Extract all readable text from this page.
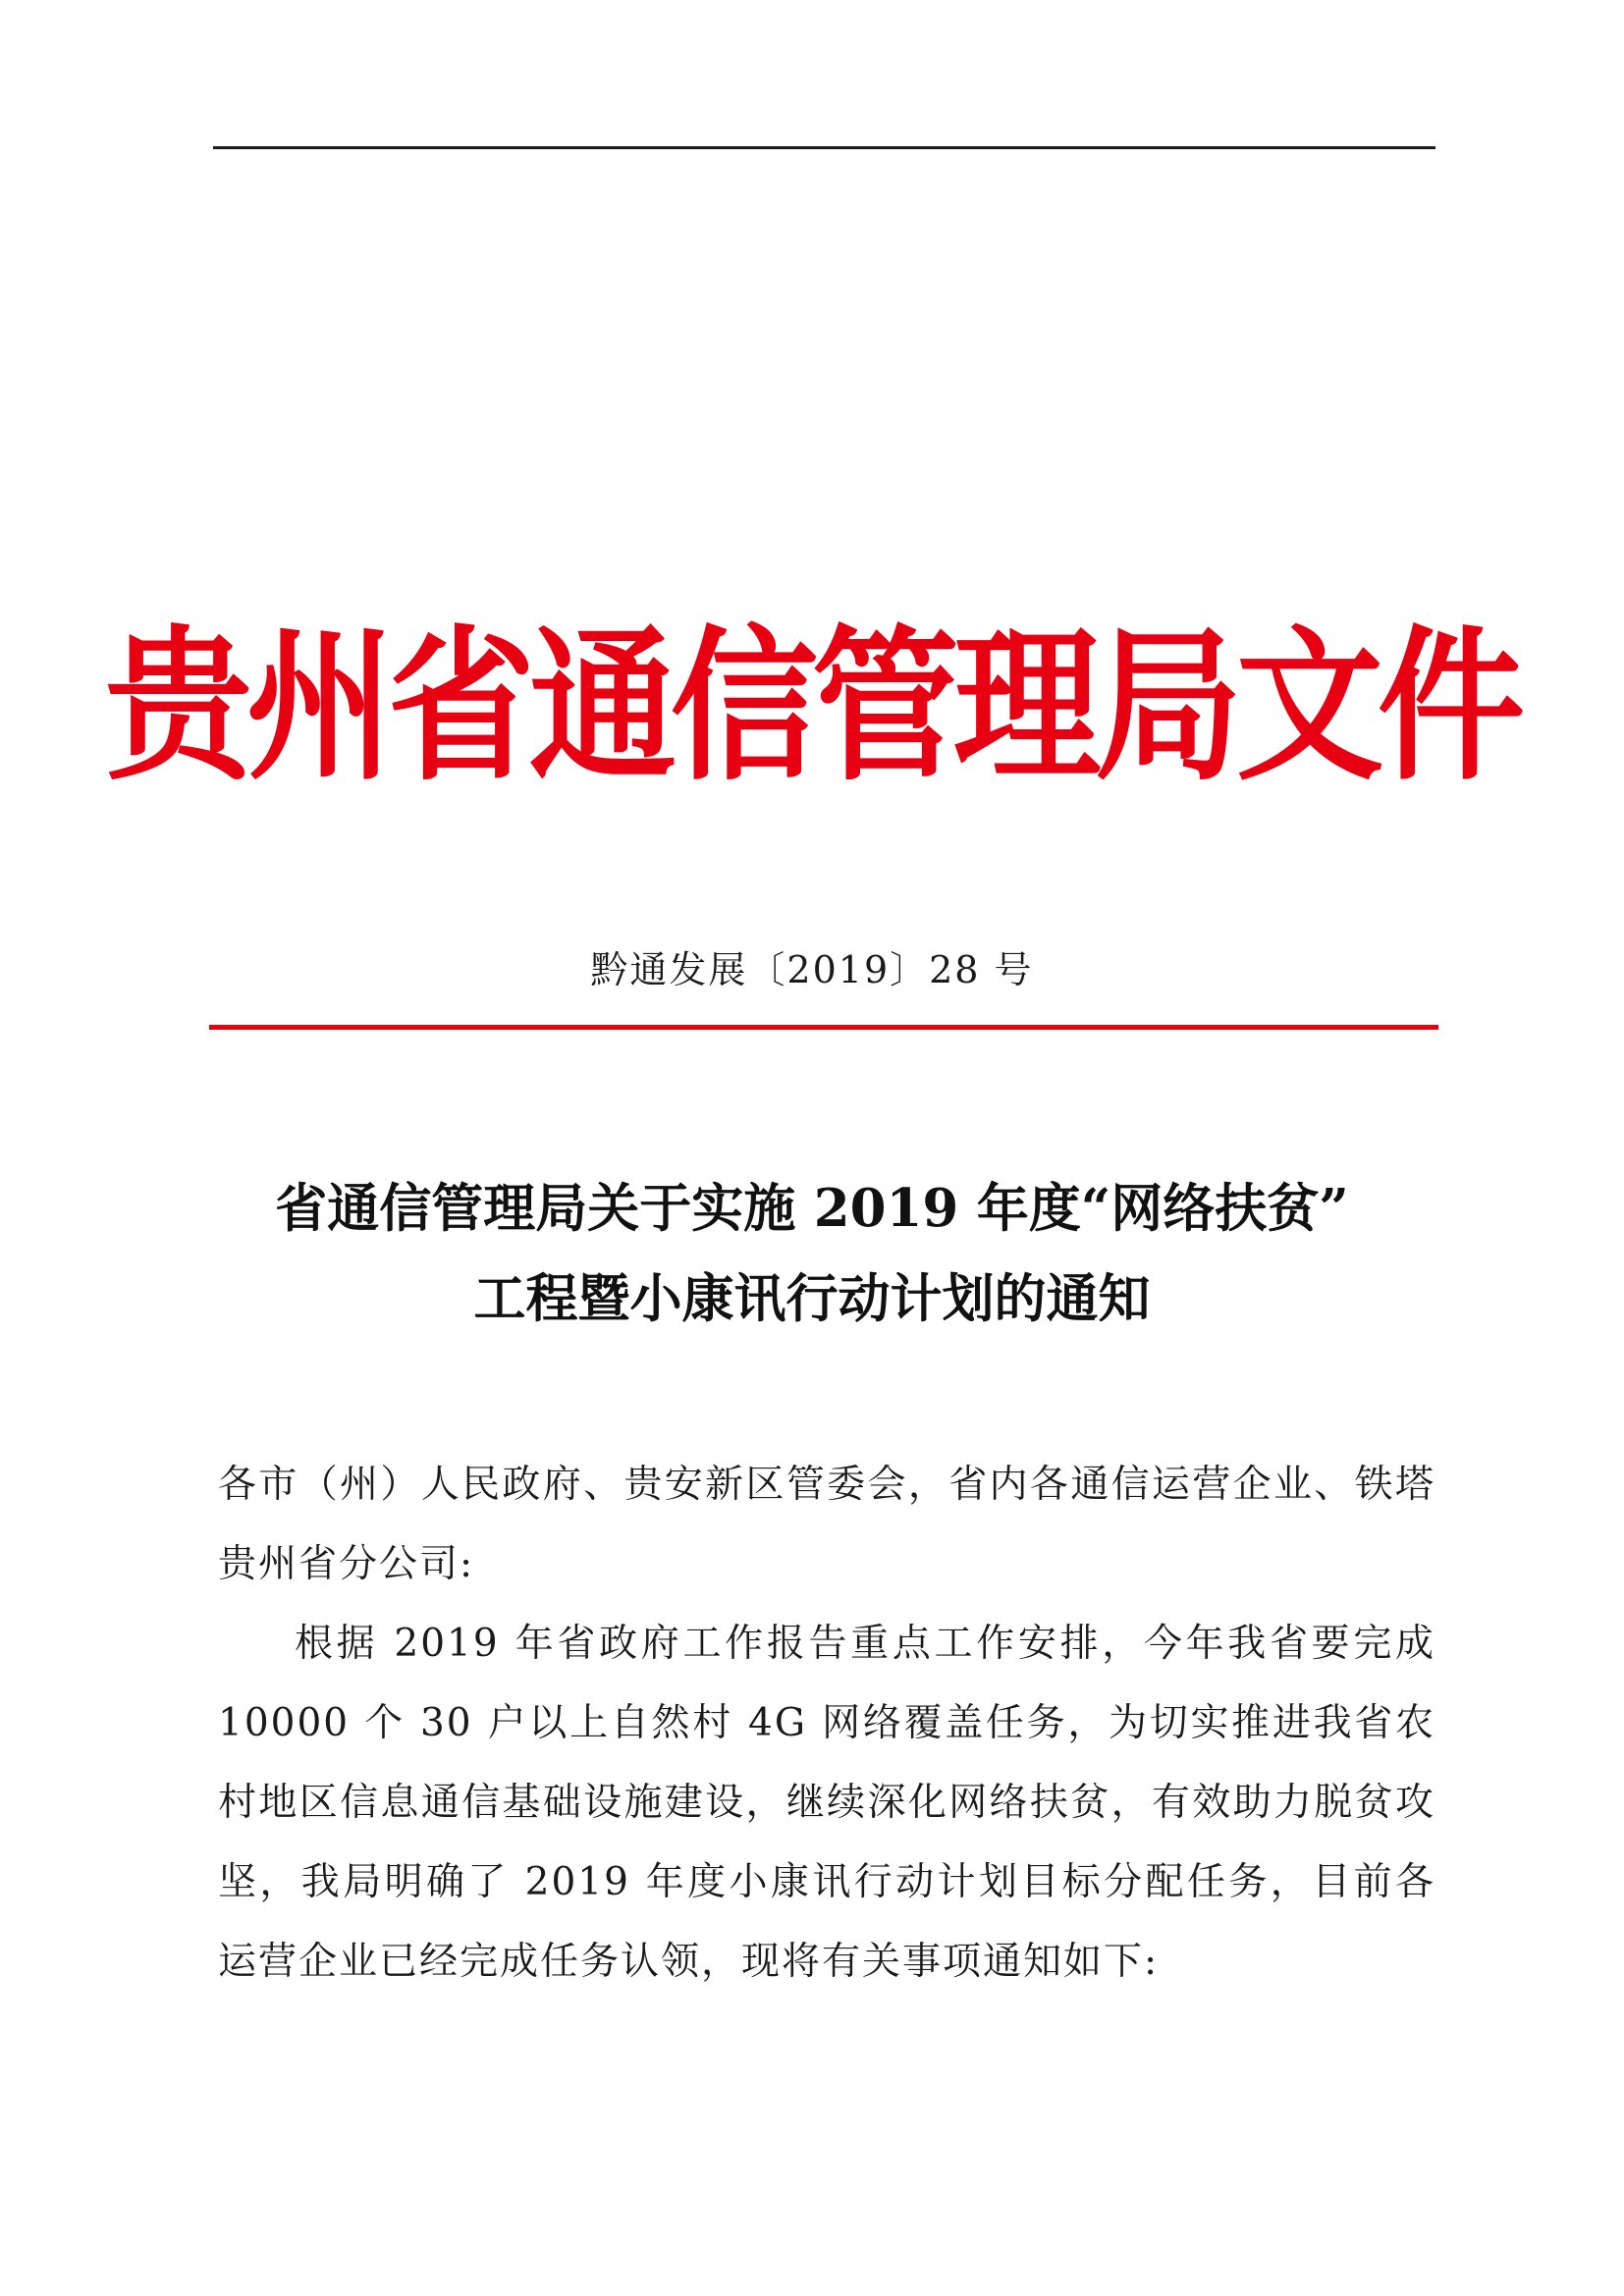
贵州省通信管理局文件
黔通发展〔2019〕28 号
省通信管理局关于实施 2019 年度“网络扶贫”
工程暨小康讯行动计划的通知

各市（州）人民政府、贵安新区管委会，省内各通信运营企业、铁塔贵州省分公司:

根据 2019 年省政府工作报告重点工作安排，今年我省要完成 10000 个 30 户以上自然村 4G 网络覆盖任务，为切实推进我省农村地区信息通信基础设施建设，继续深化网络扶贫，有效助力脱贫攻坚，我局明确了 2019 年度小康讯行动计划目标分配任务，目前各运营企业已经完成任务认领，现将有关事项通知如下:
